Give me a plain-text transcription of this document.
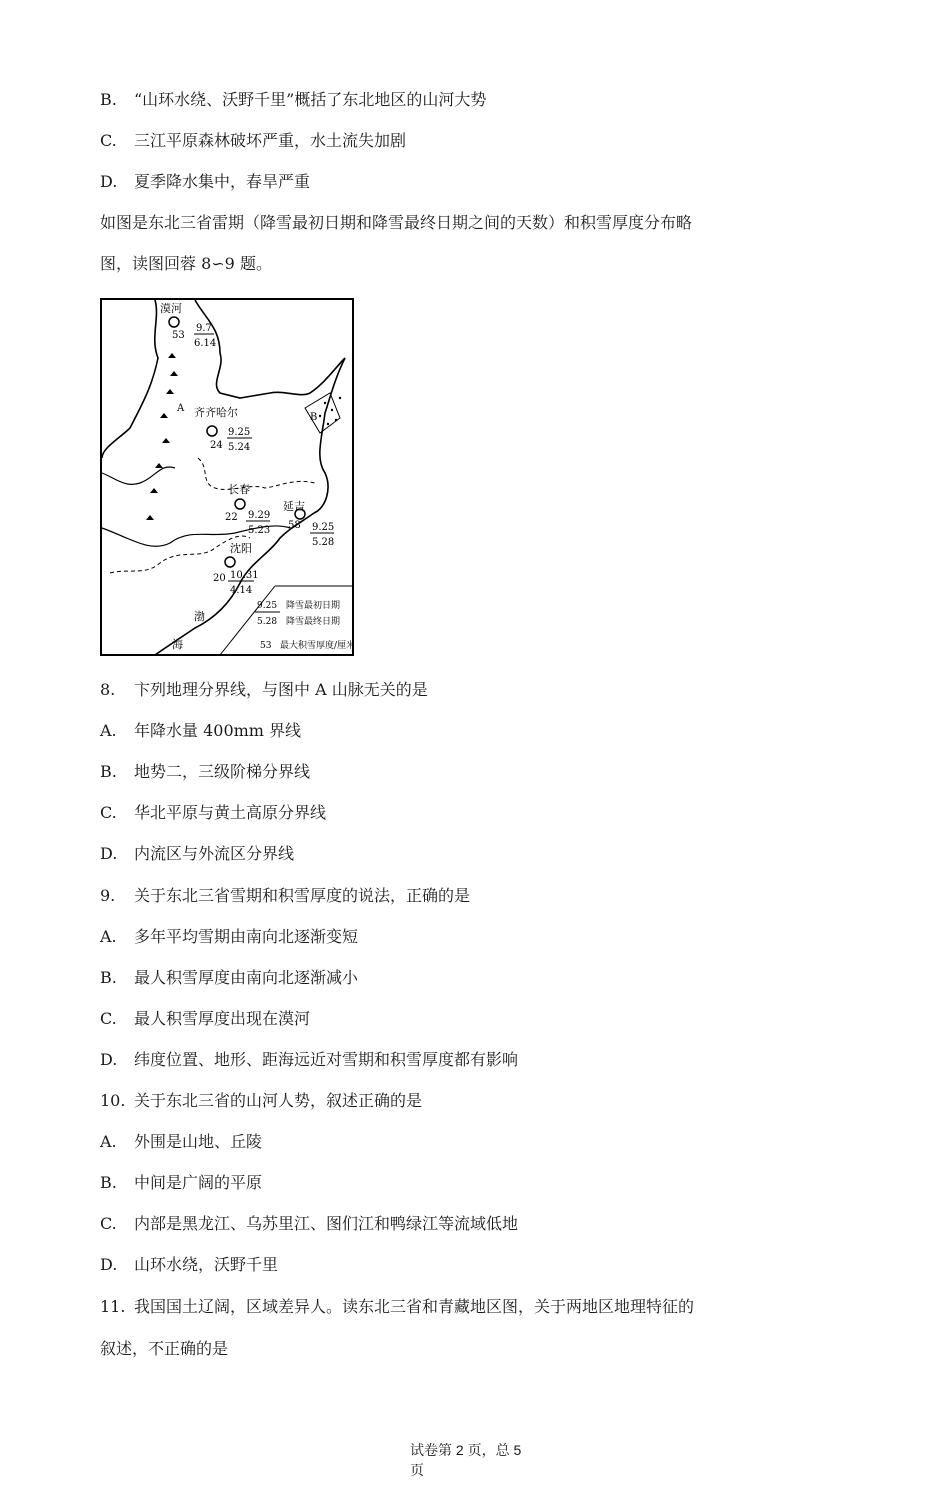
B. “山环水绕、沃野千里”概括了东北地区的山河大势
C. 三江平原森林破坏严重，水土流失加剧
D. 夏季降水集中，春旱严重
如图是东北三省雷期（降雪最初日期和降雪最终日期之间的天数）和积雪厚度分布略
图，读图回蓉 8∽9 题。
B
A
漠河
53
9.7
6.14
齐齐哈尔
24
9.25
5.24
长春
22 9.29
5.23
延吉
58 9.25
5.28
沈阳
20 10.31
4.14
渤
海
9.25 降雪最初日期
5.28 降雪最终日期
53 最大积雪厚度/厘米
8. 卞列地理分界线，与图中 A 山脉无关的是
A. 年降水量 400mm 界线
B. 地势二，三级阶梯分界线
C. 华北平原与黄土高原分界线
D. 内流区与外流区分界线
9. 关于东北三省雪期和积雪厚度的说法，正确的是
A. 多年平均雪期由南向北逐渐变短
B. 最人积雪厚度由南向北逐渐减小
C. 最人积雪厚度出现在漠河
D. 纬度位置、地形、距海远近对雪期和积雪厚度都有影响
10. 关于东北三省的山河人势，叙述正确的是
A. 外围是山地、丘陵
B. 中间是广阔的平原
C. 内部是黑龙江、乌苏里江、图们江和鸭绿江等流域低地
D. 山环水绕，沃野千里
11. 我国国土辽阔，区域差异人。读东北三省和青藏地区图，关于两地区地理特征的
叙述，不正确的是
试卷第 2 页，总 5
页
